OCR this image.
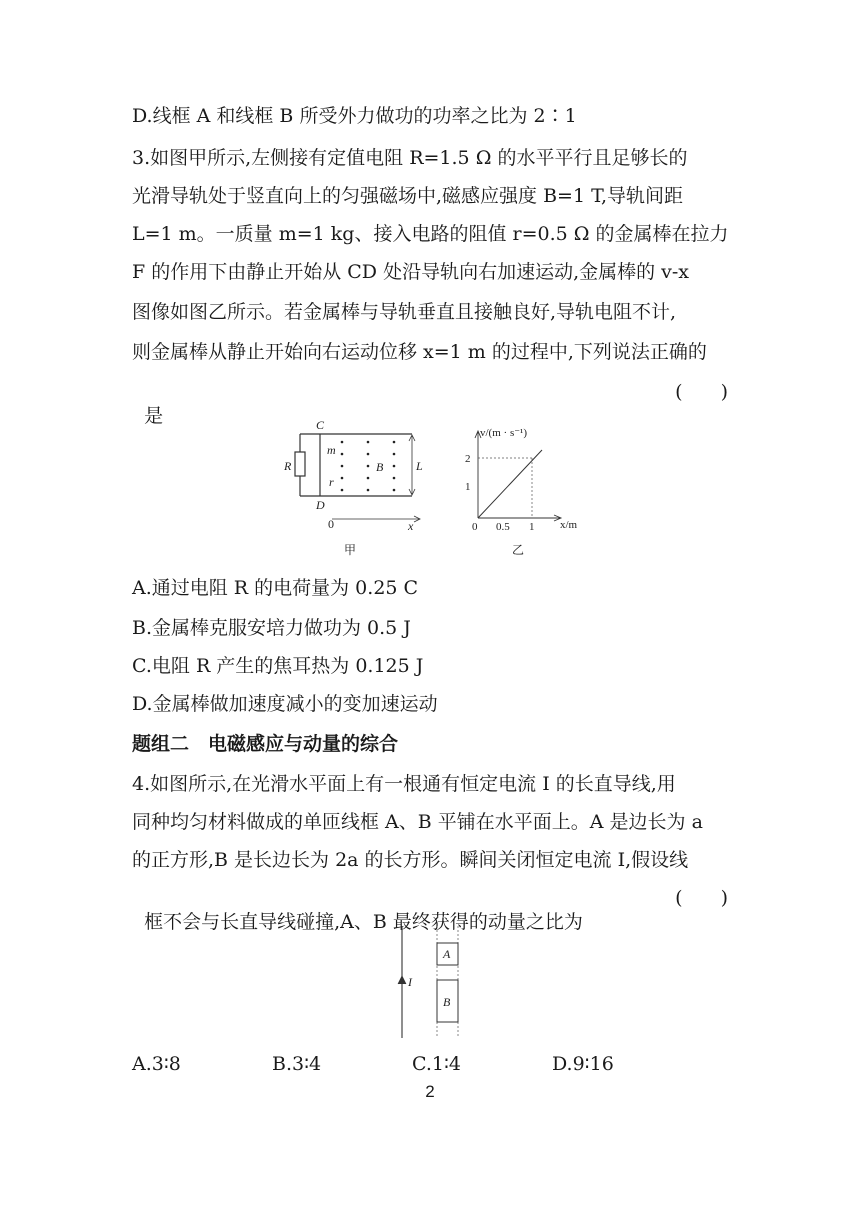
D.线框 A 和线框 B 所受外力做功的功率之比为 2∶1
3.如图甲所示,左侧接有定值电阻 R=1.5 Ω 的水平平行且足够长的
光滑导轨处于竖直向上的匀强磁场中,磁感应强度 B=1 T,导轨间距
L=1 m。一质量 m=1 kg、接入电路的阻值 r=0.5 Ω 的金属棒在拉力
F 的作用下由静止开始从 CD 处沿导轨向右加速运动,金属棒的 v-x
图像如图乙所示。若金属棒与导轨垂直且接触良好,导轨电阻不计,
则金属棒从静止开始向右运动位移 x=1 m 的过程中,下列说法正确的

是

(　　)

C
D
R
m
r
B	L
0	x
甲
v/(m · s⁻¹)
x/m
2
1
0 0.5 1
乙
A.通过电阻 R 的电荷量为 0.25 C
B.金属棒克服安培力做功为 0.5 J
C.电阻 R 产生的焦耳热为 0.125 J
D.金属棒做加速度减小的变加速运动
题组二　电磁感应与动量的综合
4.如图所示,在光滑水平面上有一根通有恒定电流 I 的长直导线,用
同种均匀材料做成的单匝线框 A、B 平铺在水平面上。A 是边长为 a
的正方形,B 是长边长为 2a 的长方形。瞬间关闭恒定电流 I,假设线

框不会与长直导线碰撞,A、B 最终获得的动量之比为

(　　)

I
A
B
A.3∶8	B.3∶4	C.1∶4	D.9∶16
2
